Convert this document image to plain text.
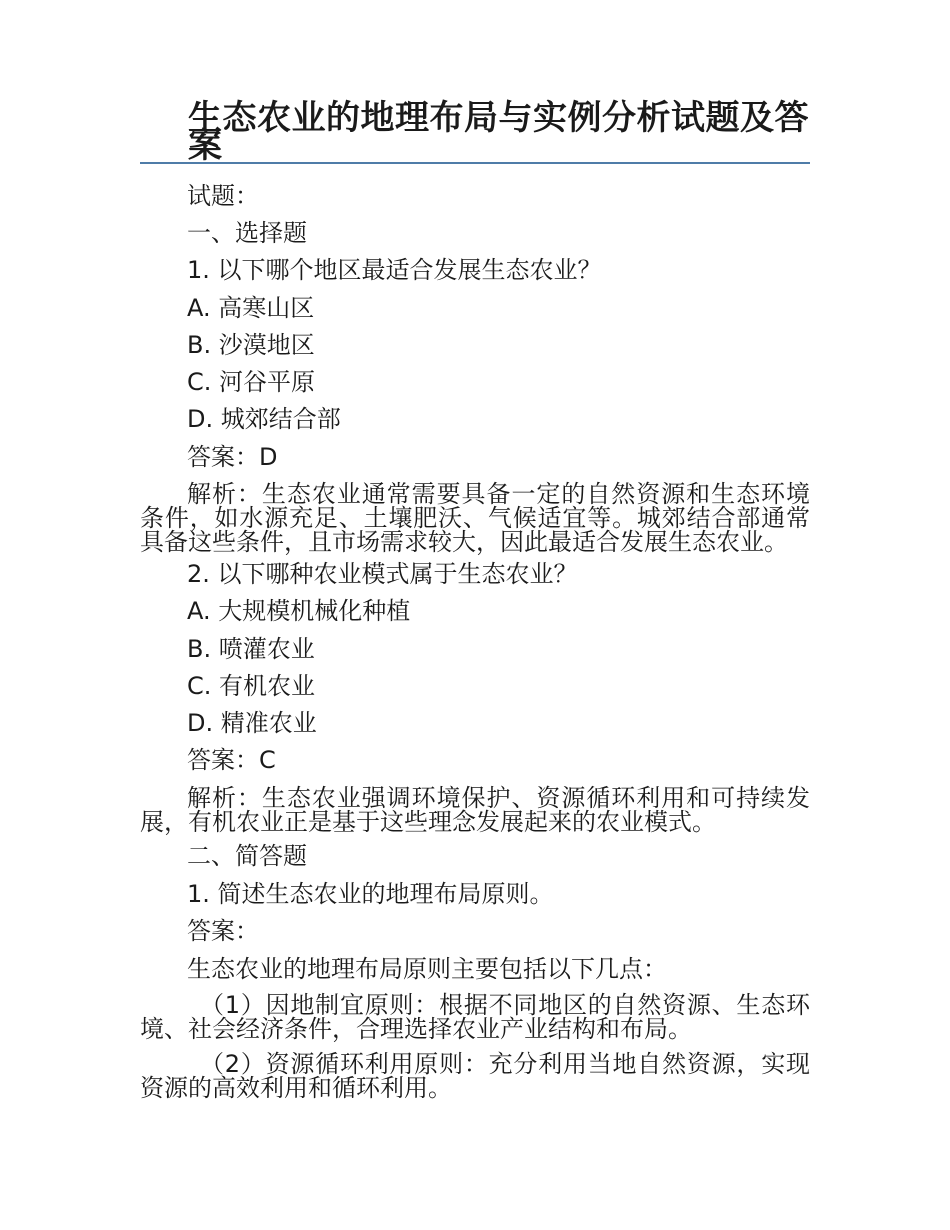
生态农业的地理布局与实例分析试题及答案
试题：
一、选择题
1. 以下哪个地区最适合发展生态农业？
A. 高寒山区
B. 沙漠地区
C. 河谷平原
D. 城郊结合部
答案：D
解析：生态农业通常需要具备一定的自然资源和生态环境条件，如水源充足、土壤肥沃、气候适宜等。城郊结合部通常具备这些条件，且市场需求较大，因此最适合发展生态农业。
2. 以下哪种农业模式属于生态农业？
A. 大规模机械化种植
B. 喷灌农业
C. 有机农业
D. 精准农业
答案：C
解析：生态农业强调环境保护、资源循环利用和可持续发展，有机农业正是基于这些理念发展起来的农业模式。
二、简答题
1. 简述生态农业的地理布局原则。
答案：
生态农业的地理布局原则主要包括以下几点：
（1）因地制宜原则：根据不同地区的自然资源、生态环境、社会经济条件，合理选择农业产业结构和布局。
（2）资源循环利用原则：充分利用当地自然资源，实现资源的高效利用和循环利用。
